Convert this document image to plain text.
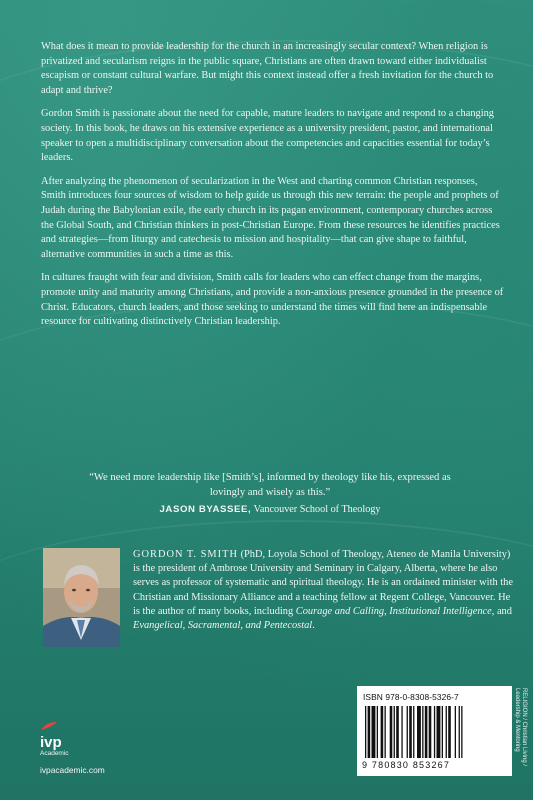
What does it mean to provide leadership for the church in an increasingly secular context? When religion is privatized and secularism reigns in the public square, Christians are often drawn toward either individualist escapism or constant cultural warfare. But might this context instead offer a fresh invitation for the church to adapt and thrive?

Gordon Smith is passionate about the need for capable, mature leaders to navigate and respond to a changing society. In this book, he draws on his extensive experience as a university president, pastor, and international speaker to open a multidisciplinary conversation about the competencies and capacities essential for today’s leaders.

After analyzing the phenomenon of secularization in the West and charting common Christian responses, Smith introduces four sources of wisdom to help guide us through this new terrain: the people and prophets of Judah during the Babylonian exile, the early church in its pagan environment, contemporary churches across the Global South, and Christian thinkers in post-Christian Europe. From these resources he identifies practices and strategies—from liturgy and catechesis to mission and hospitality—that can give shape to faithful, alternative communities in such a time as this.

In cultures fraught with fear and division, Smith calls for leaders who can effect change from the margins, promote unity and maturity among Christians, and provide a non-anxious presence grounded in the presence of Christ. Educators, church leaders, and those seeking to understand the times will find here an indispensable resource for cultivating distinctively Christian leadership.

“We need more leadership like [Smith’s], informed by theology like his, expressed as lovingly and wisely as this.”
JASON BYASSEE, Vancouver School of Theology
GORDON T. SMITH (PhD, Loyola School of Theology, Ateneo de Manila University) is the president of Ambrose University and Seminary in Calgary, Alberta, where he also serves as professor of systematic and spiritual theology. He is an ordained minister with the Christian and Missionary Alliance and a teaching fellow at Regent College, Vancouver. He is the author of many books, including Courage and Calling, Institutional Intelligence, and Evangelical, Sacramental, and Pentecostal.
ISBN 978-0-8308-5326-7
9 780830 853267	RELIGION / Christian Living / Leadership & Mentoring
ivp
Academic
ivpacademic.com
